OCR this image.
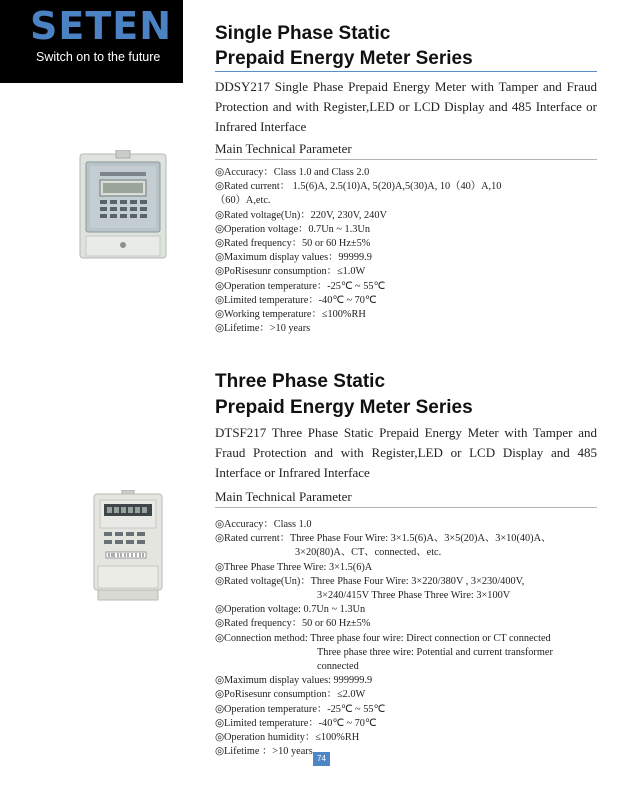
SETEN
Switch on to the future
Single Phase Static
Prepaid Energy Meter Series
DDSY217 Single Phase Prepaid Energy Meter with Tamper and Fraud Protection and with Register,LED or LCD Display and 485 Interface or Infrared Interface
Main Technical Parameter
◎Accuracy：Class 1.0 and Class 2.0
◎Rated current： 1.5(6)A, 2.5(10)A, 5(20)A,5(30)A, 10（40）A,10
（60）A,etc.
◎Rated voltage(Un)：220V, 230V, 240V
◎Operation voltage：0.7Un ~ 1.3Un
◎Rated frequency：50 or 60 Hz±5%
◎Maximum display values：99999.9
◎PoRisesunr consumption：≤1.0W
◎Operation temperature：-25℃ ~ 55℃
◎Limited temperature：-40℃ ~ 70℃
◎Working temperature：≤100%RH
◎Lifetime：>10 years
Three Phase Static
Prepaid Energy Meter Series
DTSF217 Three Phase Static Prepaid Energy Meter with Tamper and Fraud Protection and with Register,LED or LCD Display and 485 Interface or Infrared Interface
Main Technical Parameter
◎Accuracy：Class 1.0
◎Rated current：Three Phase Four Wire: 3×1.5(6)A、3×5(20)A、3×10(40)A、
3×20(80)A、CT、connected、etc.
◎Three Phase Three Wire: 3×1.5(6)A
◎Rated voltage(Un)：Three Phase Four Wire: 3×220/380V , 3×230/400V,
3×240/415V Three Phase Three Wire: 3×100V
◎Operation voltage: 0.7Un ~ 1.3Un
◎Rated frequency：50 or 60 Hz±5%
◎Connection method: Three phase four wire: Direct connection or CT connected
Three phase three wire: Potential and current transformer
connected
◎Maximum display values: 999999.9
◎PoRisesunr consumption：≤2.0W
◎Operation temperature：-25℃ ~ 55℃
◎Limited temperature：-40℃ ~ 70℃
◎Operation humidity：≤100%RH
◎Lifetime ：>10 years
74
